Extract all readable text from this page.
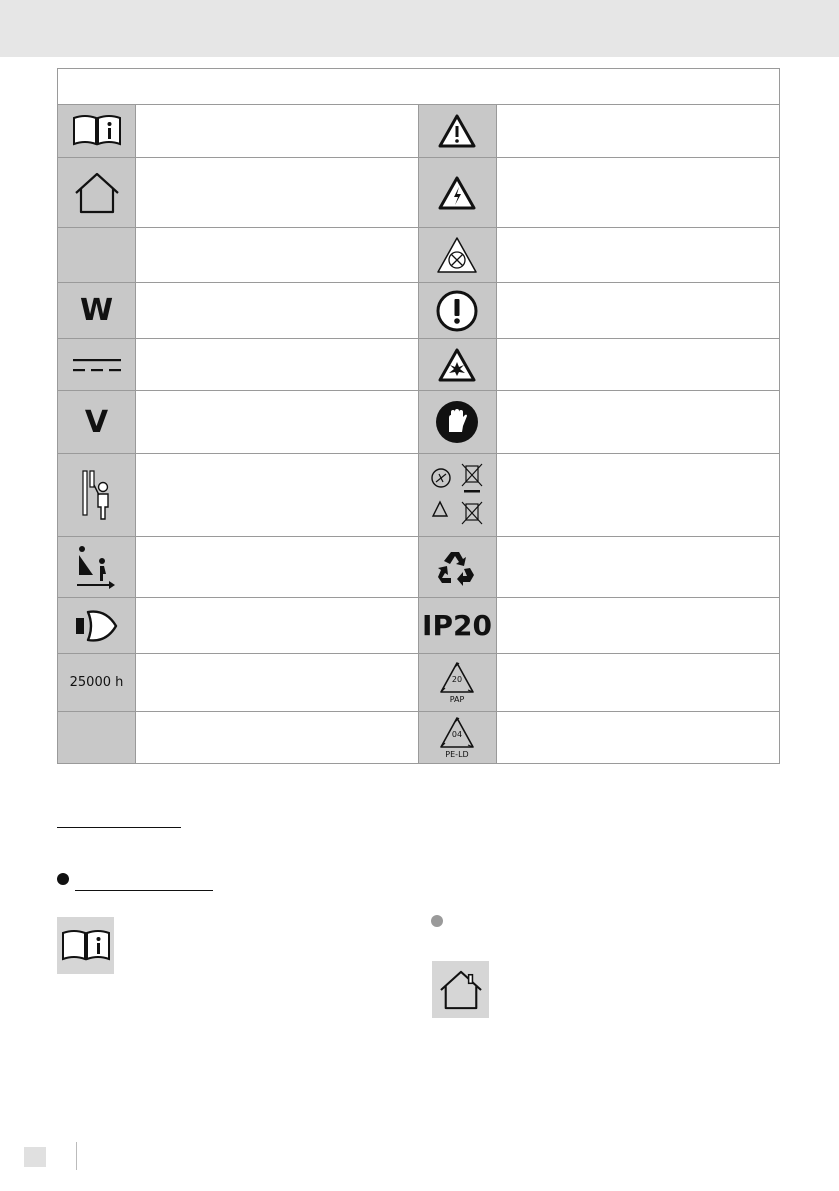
W
V
IP20
25000 h	20
PAP
04
PE-LD
